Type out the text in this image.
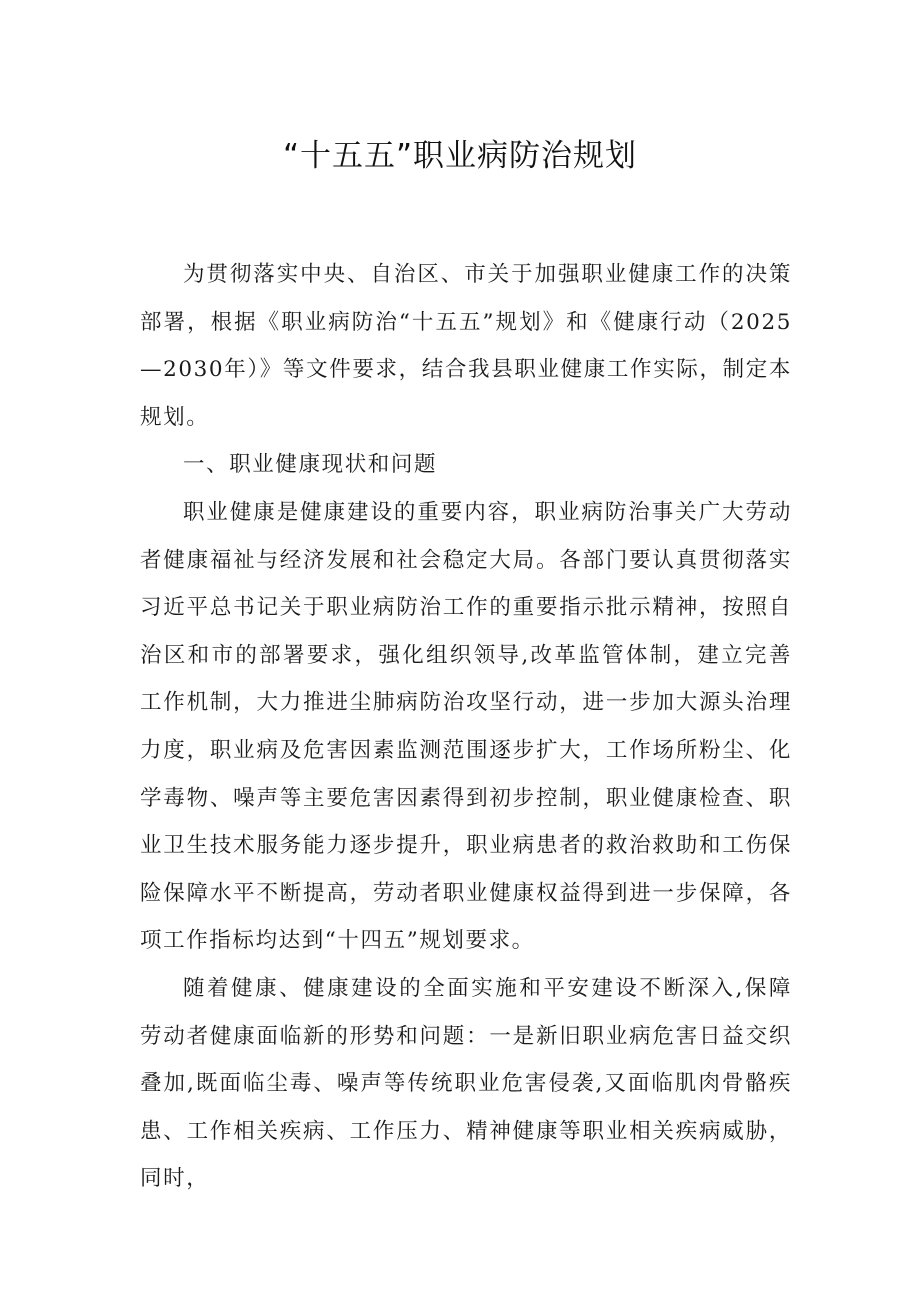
“十五五”职业病防治规划

为贯彻落实中央、自治区、市关于加强职业健康工作的决策部署，根据《职业病防治“十五五”规划》和《健康行动（2025—2030年）》等文件要求，结合我县职业健康工作实际，制定本规划。

一、职业健康现状和问题

职业健康是健康建设的重要内容，职业病防治事关广大劳动者健康福祉与经济发展和社会稳定大局。各部门要认真贯彻落实习近平总书记关于职业病防治工作的重要指示批示精神，按照自治区和市的部署要求，强化组织领导,改革监管体制，建立完善工作机制，大力推进尘肺病防治攻坚行动，进一步加大源头治理力度，职业病及危害因素监测范围逐步扩大，工作场所粉尘、化学毒物、噪声等主要危害因素得到初步控制，职业健康检查、职业卫生技术服务能力逐步提升，职业病患者的救治救助和工伤保险保障水平不断提高，劳动者职业健康权益得到进一步保障，各项工作指标均达到“十四五”规划要求。

随着健康、健康建设的全面实施和平安建设不断深入,保障劳动者健康面临新的形势和问题：一是新旧职业病危害日益交织叠加,既面临尘毒、噪声等传统职业危害侵袭,又面临肌肉骨骼疾患、工作相关疾病、工作压力、精神健康等职业相关疾病威胁，同时，
